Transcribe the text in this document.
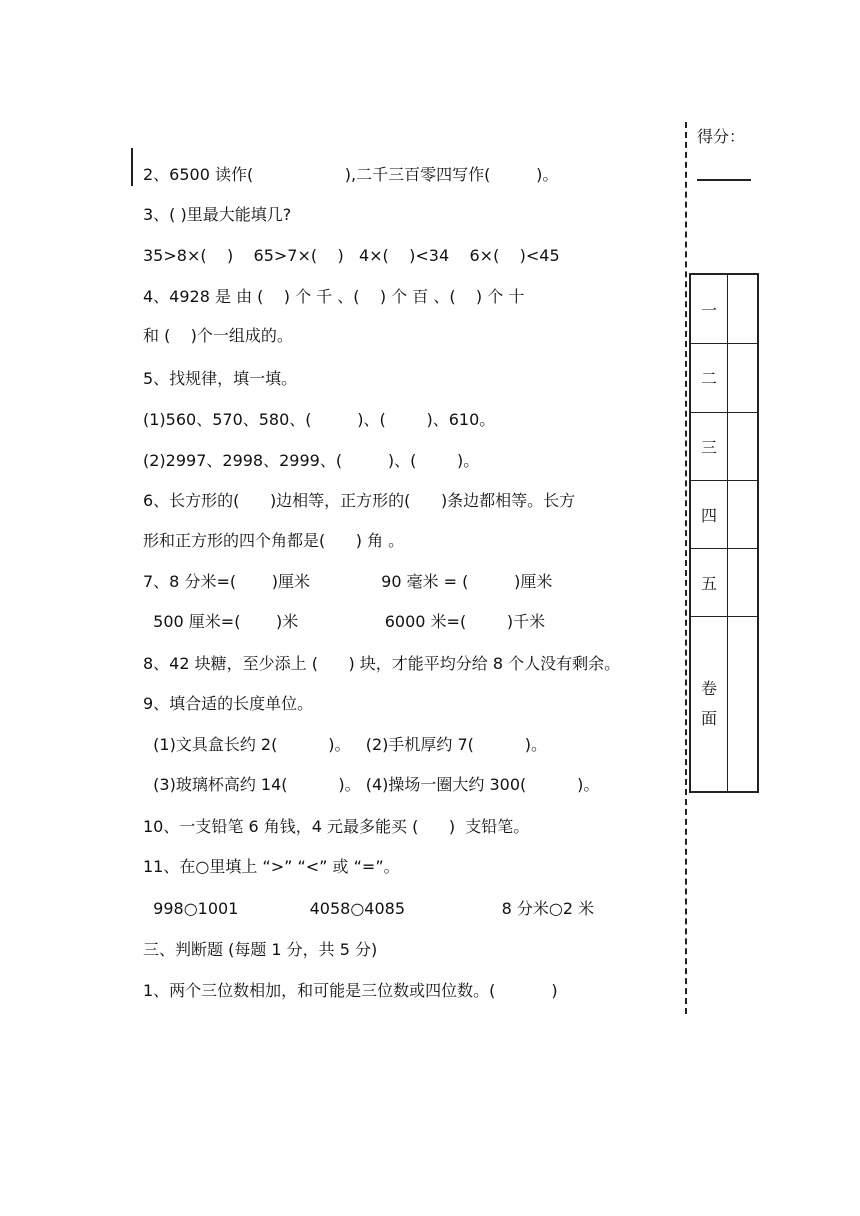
2、6500 读作(                  ),二千三百零四写作(         )。
3、( )里最大能填几?
35>8×(    )    65>7×(    )   4×(    )<34    6×(    )<45
4、4928 是 由 (    ) 个 千 、(    ) 个 百 、(    ) 个 十
和 (    )个一组成的。
5、找规律，填一填。
(1)560、570、580、(         )、(        )、610。
(2)2997、2998、2999、(         )、(        )。
6、长方形的(      )边相等，正方形的(      )条边都相等。长方
形和正方形的四个角都是(      ) 角 。
7、8 分米=(       )厘米              90 毫米 = (         )厘米
500 厘米=(       )米                 6000 米=(        )千米
8、42 块糖，至少添上 (      ) 块，才能平均分给 8 个人没有剩余。
9、填合适的长度单位。
(1)文具盒长约 2(          )。   (2)手机厚约 7(          )。
(3)玻璃杯高约 14(          )。 (4)操场一圈大约 300(          )。
10、一支铅笔 6 角钱，4 元最多能买 (      )  支铅笔。
11、在○里填上 “>” “<” 或 “=”。
998○1001              4058○4085                   8 分米○2 米
三、判断题 (每题 1 分，共 5 分)
1、两个三位数相加，和可能是三位数或四位数。(           )
得分：
一	
二	
三	
四	
五	
卷面	
